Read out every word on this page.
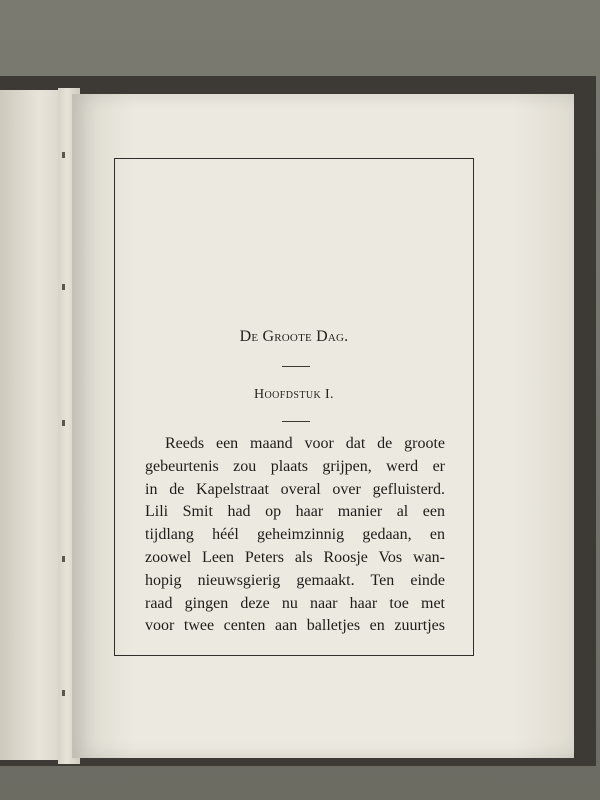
De Groote Dag.
Hoofdstuk I.
Reeds een maand voor dat de groote
gebeurtenis zou plaats grijpen, werd er
in de Kapelstraat overal over gefluisterd.
Lili Smit had op haar manier al een
tijdlang héél geheimzinnig gedaan, en
zoowel Leen Peters als Roosje Vos wan-
hopig nieuwsgierig gemaakt. Ten einde
raad gingen deze nu naar haar toe met
voor twee centen aan balletjes en zuurtjes
